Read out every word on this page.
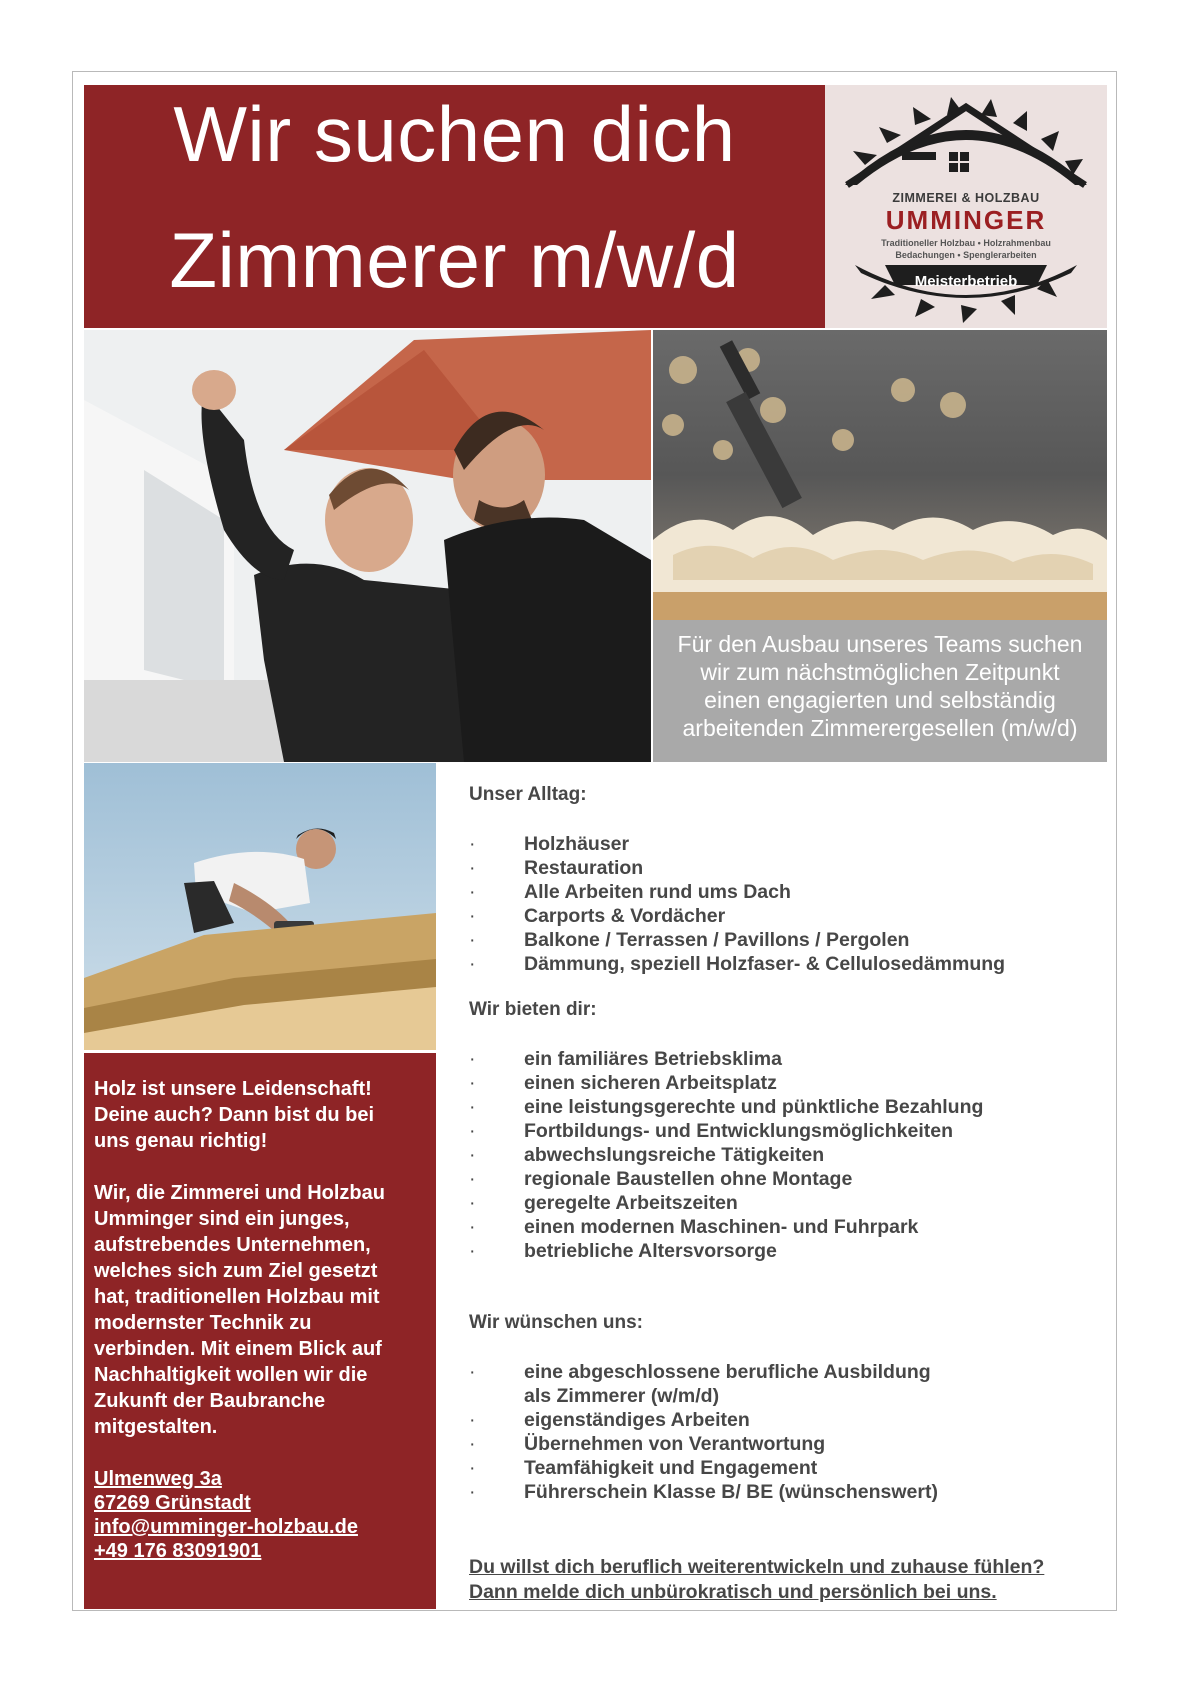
Wir suchen dich
Zimmerer m/w/d
ZIMMEREI & HOLZBAU
UMMINGER
Traditioneller Holzbau • Holzrahmenbau
Bedachungen • Spenglerarbeiten
Meisterbetrieb
Für den Ausbau unseres Teams suchen
wir zum nächstmöglichen Zeitpunkt
einen engagierten und selbständig
arbeitenden Zimmerergesellen (m/w/d)
Holz ist unsere Leidenschaft!
Deine auch? Dann bist du bei
uns genau richtig!
Wir, die Zimmerei und Holzbau
Umminger sind ein junges,
aufstrebendes Unternehmen,
welches sich zum Ziel gesetzt
hat, traditionellen Holzbau mit
modernster Technik zu
verbinden. Mit einem Blick auf
Nachhaltigkeit wollen wir die
Zukunft der Baubranche
mitgestalten.
Ulmenweg 3a
67269 Grünstadt
info@umminger-holzbau.de
+49 176 83091901
Unser Alltag:
· Holzhäuser
· Restauration
· Alle Arbeiten rund ums Dach
· Carports & Vordächer
· Balkone / Terrassen / Pavillons / Pergolen
· Dämmung, speziell Holzfaser- & Cellulosedämmung
Wir bieten dir:
· ein familiäres Betriebsklima
· einen sicheren Arbeitsplatz
· eine leistungsgerechte und pünktliche Bezahlung
· Fortbildungs- und Entwicklungsmöglichkeiten
· abwechslungsreiche Tätigkeiten
· regionale Baustellen ohne Montage
· geregelte Arbeitszeiten
· einen modernen Maschinen- und Fuhrpark
· betriebliche Altersvorsorge
Wir wünschen uns:
· eine abgeschlossene berufliche Ausbildung
als Zimmerer (w/m/d)
· eigenständiges Arbeiten
· Übernehmen von Verantwortung
· Teamfähigkeit und Engagement
· Führerschein Klasse B/ BE (wünschenswert)
Du willst dich beruflich weiterentwickeln und zuhause fühlen?
Dann melde dich unbürokratisch und persönlich bei uns.
